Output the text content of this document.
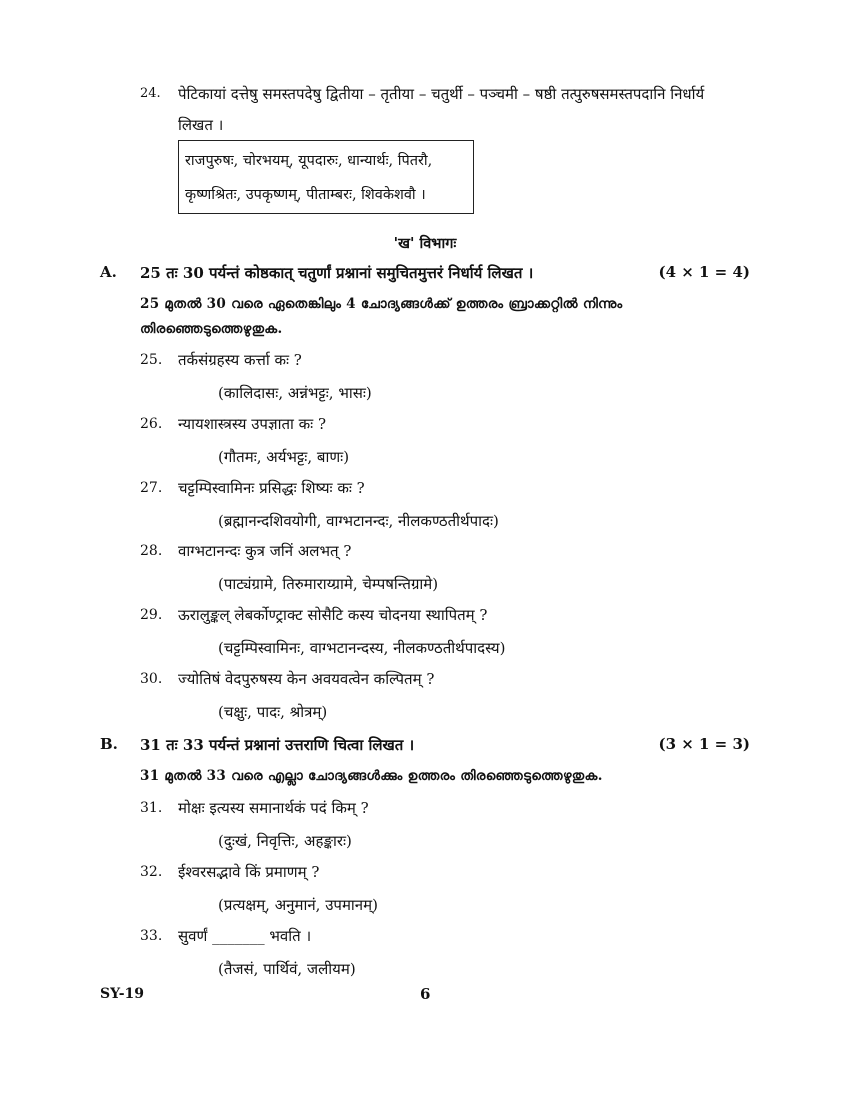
24. पेटिकायां दत्तेषु समस्तपदेषु द्वितीया – तृतीया – चतुर्थी – पञ्चमी – षष्ठी तत्पुरुषसमस्तपदानि निर्धार्य
लिखत ।
राजपुरुषः, चोरभयम्, यूपदारुः, धान्यार्थः, पितरौ,
कृष्णश्रितः, उपकृष्णम्, पीताम्बरः, शिवकेशवौ ।
'ख' विभागः
A. 25 तः 30 पर्यन्तं कोष्ठकात् चतुर्णां प्रश्नानां समुचितमुत्तरं निर्धार्य लिखत ।	(4 × 1 = 4)
25 മുതൽ 30 വരെ ഏതെങ്കിലും 4 ചോദ്യങ്ങൾക്ക് ഉത്തരം ബ്രാക്കറ്റിൽ നിന്നും
തിരഞ്ഞെടുത്തെഴുതുക.
25. तर्कसंग्रहस्य कर्त्ता कः ?
(कालिदासः, अन्नंभट्टः, भासः)
26. न्यायशास्त्रस्य उपज्ञाता कः ?
(गौतमः, अर्यभट्टः, बाणः)
27. चट्टम्पिस्वामिनः प्रसिद्धः शिष्यः कः ?
(ब्रह्मानन्दशिवयोगी, वाग्भटानन्दः, नीलकण्ठतीर्थपादः)
28. वाग्भटानन्दः कुत्र जनिं अलभत् ?
(पाट्यंग्रामे, तिरुमाराय्ग्रामे, चेम्पषन्तिग्रामे)
29. ऊरालुङ्कल् लेबर्कोण्ट्राक्ट सोसैटि कस्य चोदनया स्थापितम् ?
(चट्टम्पिस्वामिनः, वाग्भटानन्दस्य, नीलकण्ठतीर्थपादस्य)
30. ज्योतिषं वेदपुरुषस्य केन अवयवत्वेन कल्पितम् ?
(चक्षुः, पादः, श्रोत्रम्)
B. 31 तः 33 पर्यन्तं प्रश्नानां उत्तराणि चित्वा लिखत ।	(3 × 1 = 3)
31 മുതൽ 33 വരെ എല്ലാ ചോദ്യങ്ങൾക്കും ഉത്തരം തിരഞ്ഞെടുത്തെഴുതുക.
31. मोक्षः इत्यस्य समानार्थकं पदं किम् ?
(दुःखं, निवृत्तिः, अहङ्कारः)
32. ईश्वरसद्भावे किं प्रमाणम् ?
(प्रत्यक्षम्, अनुमानं, उपमानम्)
33. सुवर्णं _______ भवति ।
(तैजसं, पार्थिवं, जलीयम)
SY-19	6
